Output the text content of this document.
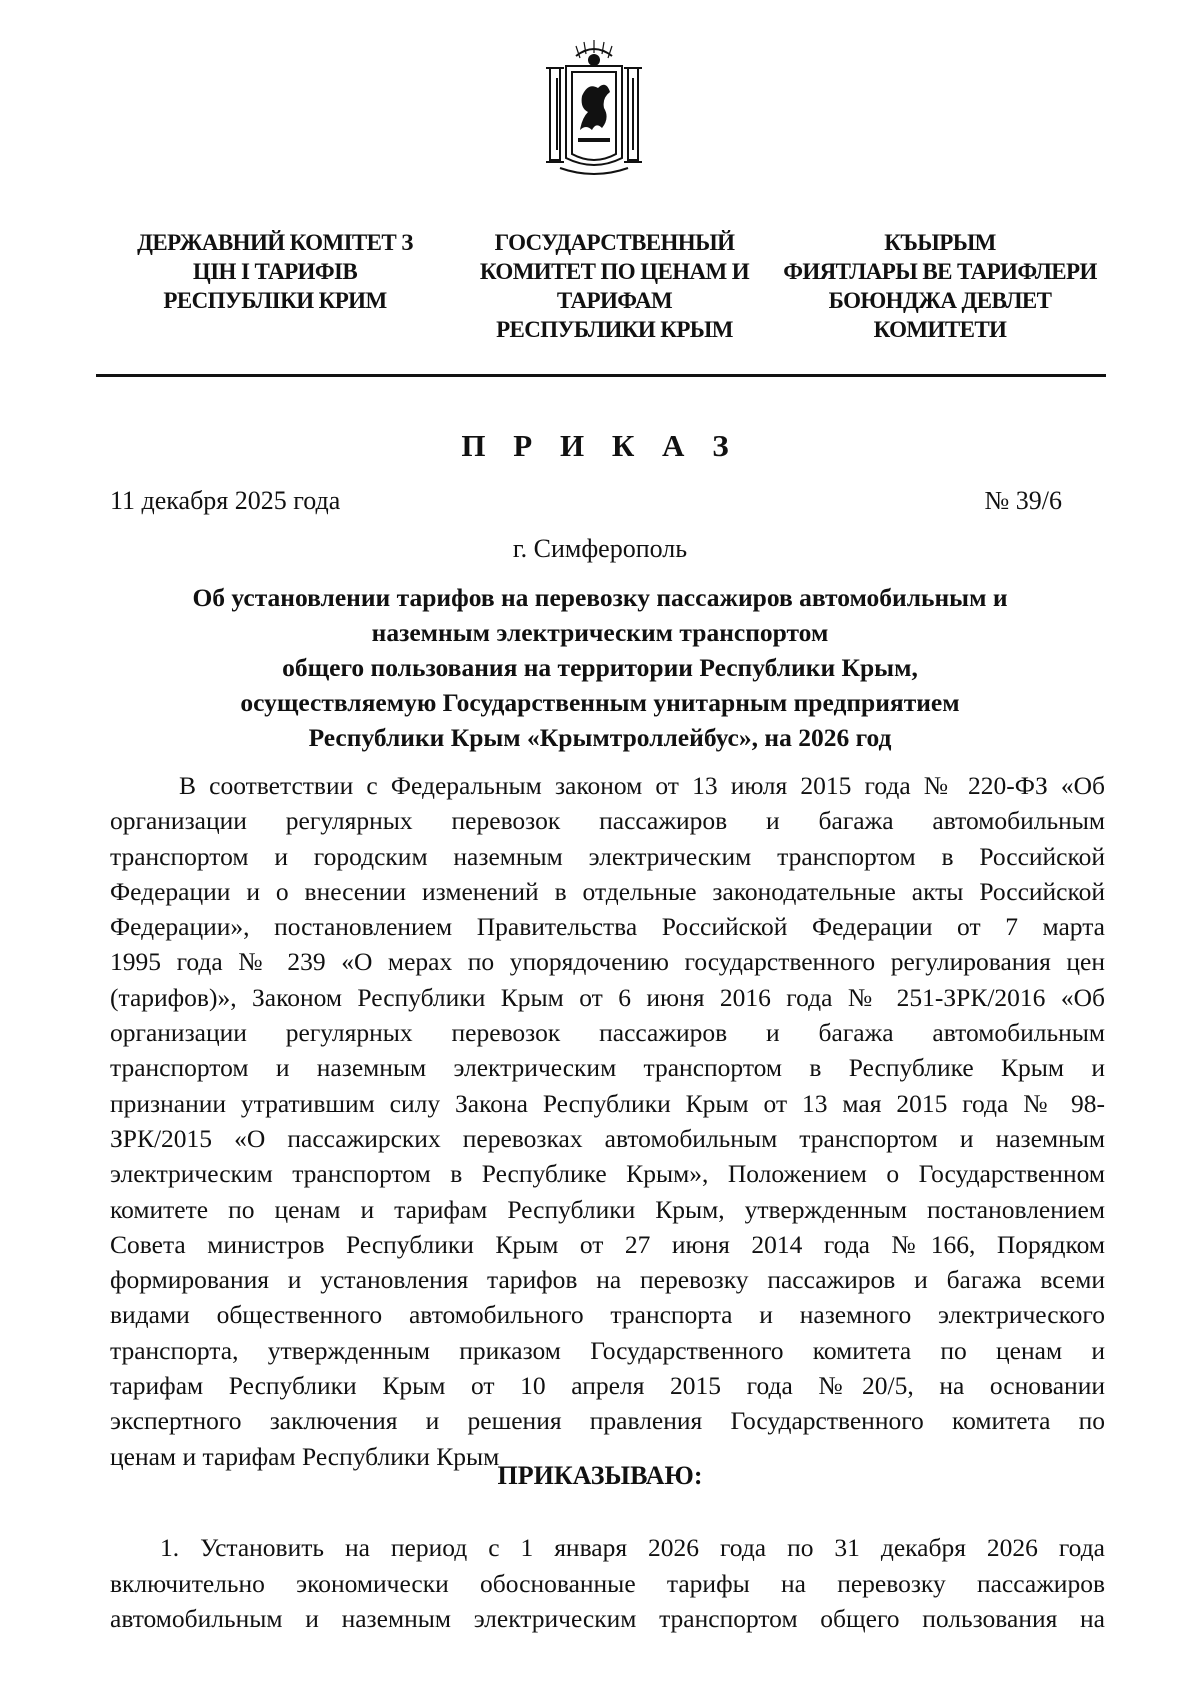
ДЕРЖАВНИЙ КОМІТЕТ З
ЦІН І ТАРИФІВ
РЕСПУБЛІКИ КРИМ
ГОСУДАРСТВЕННЫЙ
КОМИТЕТ ПО ЦЕНАМ И
ТАРИФАМ
РЕСПУБЛИКИ КРЫМ
КЪЫРЫМ
ФИЯТЛАРЫ ВЕ ТАРИФЛЕРИ
БОЮНДЖА ДЕВЛЕТ
КОМИТЕТИ
П Р И К А З
11 декабря 2025 года	№ 39/6
г. Симферополь
Об установлении тарифов на перевозку пассажиров автомобильным и
наземным электрическим транспортом
общего пользования на территории Республики Крым,
осуществляемую Государственным унитарным предприятием
Республики Крым «Крымтроллейбус», на 2026 год
В соответствии с Федеральным законом от 13 июля 2015 года № 220-ФЗ «Об
организации регулярных перевозок пассажиров и багажа автомобильным
транспортом и городским наземным электрическим транспортом в Российской
Федерации и о внесении изменений в отдельные законодательные акты Российской
Федерации», постановлением Правительства Российской Федерации от 7 марта
1995 года № 239 «О мерах по упорядочению государственного регулирования цен
(тарифов)», Законом Республики Крым от 6 июня 2016 года № 251-ЗРК/2016 «Об
организации регулярных перевозок пассажиров и багажа автомобильным
транспортом и наземным электрическим транспортом в Республике Крым и
признании утратившим силу Закона Республики Крым от 13 мая 2015 года № 98-
ЗРК/2015 «О пассажирских перевозках автомобильным транспортом и наземным
электрическим транспортом в Республике Крым», Положением о Государственном
комитете по ценам и тарифам Республики Крым, утвержденным постановлением
Совета министров Республики Крым от 27 июня 2014 года №166, Порядком
формирования и установления тарифов на перевозку пассажиров и багажа всеми
видами общественного автомобильного транспорта и наземного электрического
транспорта, утвержденным приказом Государственного комитета по ценам и
тарифам Республики Крым от 10 апреля 2015 года №20/5, на основании
экспертного заключения и решения правления Государственного комитета по
ценам и тарифам Республики Крым
ПРИКАЗЫВАЮ:
1. Установить на период с 1 января 2026 года по 31 декабря 2026 года
включительно экономически обоснованные тарифы на перевозку пассажиров
автомобильным и наземным электрическим транспортом общего пользования на
